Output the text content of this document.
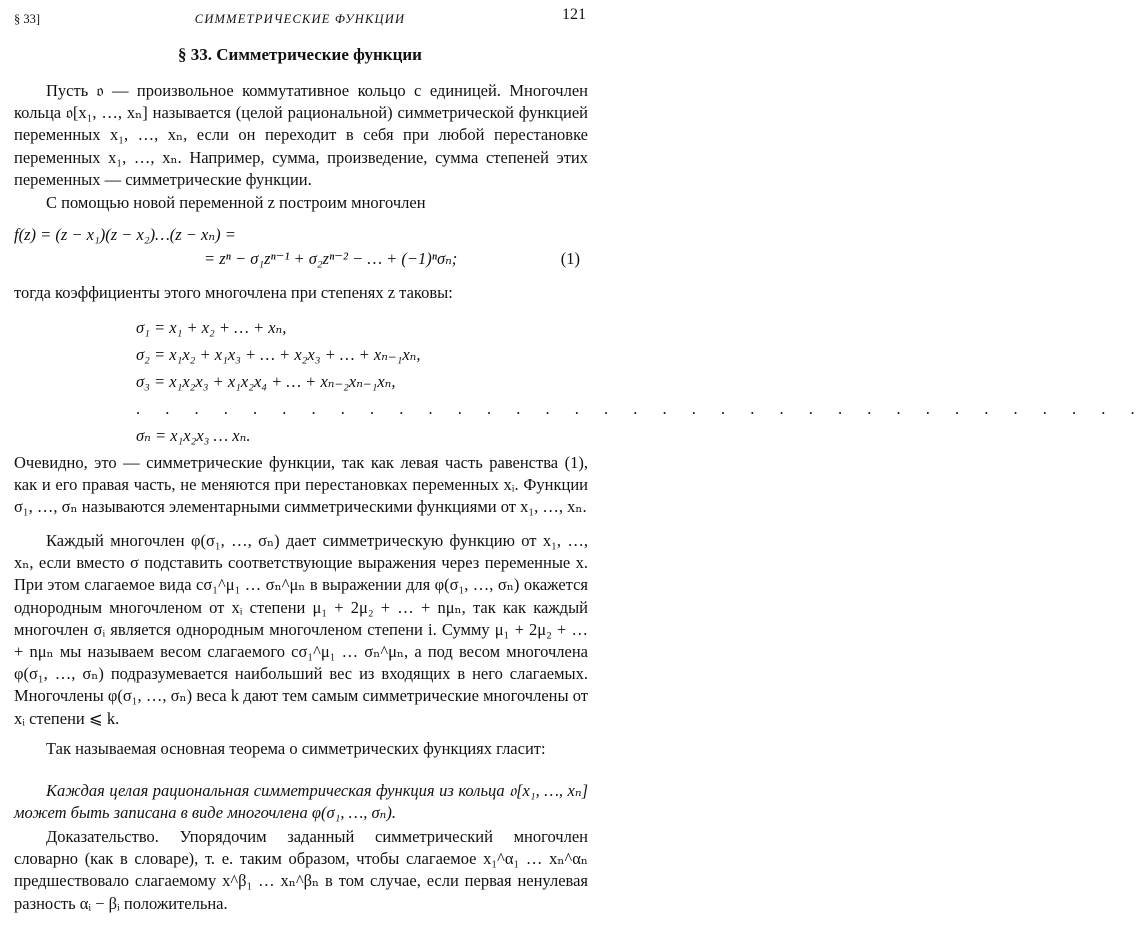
§ 33]	СИММЕТРИЧЕСКИЕ ФУНКЦИИ	121
§ 33. Симметрические функции
Пусть 𝔬 — произвольное коммутативное кольцо с единицей. Многочлен кольца 𝔬[x₁, …, xₙ] называется (целой рациональной) симметрической функцией переменных x₁, …, xₙ, если он переходит в себя при любой перестановке переменных x₁, …, xₙ. Например, сумма, произведение, сумма степеней этих переменных — симметрические функции.
С помощью новой переменной z построим многочлен
f(z) = (z − x₁)(z − x₂)…(z − xₙ) =
= zⁿ − σ₁zⁿ⁻¹ + σ₂zⁿ⁻² − … + (−1)ⁿσₙ;	(1)
тогда коэффициенты этого многочлена при степенях z таковы:
σ₁ = x₁ + x₂ + … + xₙ,
σ₂ = x₁x₂ + x₁x₃ + … + x₂x₃ + … + xₙ₋₁xₙ,
σ₃ = x₁x₂x₃ + x₁x₂x₄ + … + xₙ₋₂xₙ₋₁xₙ,
. . . . . . . . . . . . . . . . . . . . . . . . . . . . . . . . . . .
σₙ = x₁x₂x₃ … xₙ.
Очевидно, это — симметрические функции, так как левая часть равенства (1), как и его правая часть, не меняются при перестановках переменных xᵢ. Функции σ₁, …, σₙ называются элементарными симметрическими функциями от x₁, …, xₙ.
Каждый многочлен φ(σ₁, …, σₙ) дает симметрическую функцию от x₁, …, xₙ, если вместо σ подставить соответствующие выражения через переменные x. При этом слагаемое вида cσ₁^μ₁ … σₙ^μₙ в выражении для φ(σ₁, …, σₙ) окажется однородным многочленом от xᵢ степени μ₁ + 2μ₂ + … + nμₙ, так как каждый многочлен σᵢ является однородным многочленом степени i. Сумму μ₁ + 2μ₂ + … + nμₙ мы называем весом слагаемого cσ₁^μ₁ … σₙ^μₙ, а под весом многочлена φ(σ₁, …, σₙ) подразумевается наибольший вес из входящих в него слагаемых. Многочлены φ(σ₁, …, σₙ) веса k дают тем самым симметрические многочлены от xᵢ степени ⩽ k.
Так называемая основная теорема о симметрических функциях гласит:
Каждая целая рациональная симметрическая функция из кольца 𝔬[x₁, …, xₙ] может быть записана в виде многочлена φ(σ₁, …, σₙ).
Доказательство. Упорядочим заданный симметрический многочлен словарно (как в словаре), т. е. таким образом, чтобы слагаемое x₁^α₁ … xₙ^αₙ предшествовало слагаемому x^β₁ … xₙ^βₙ в том случае, если первая ненулевая разность αᵢ − βᵢ положительна.
